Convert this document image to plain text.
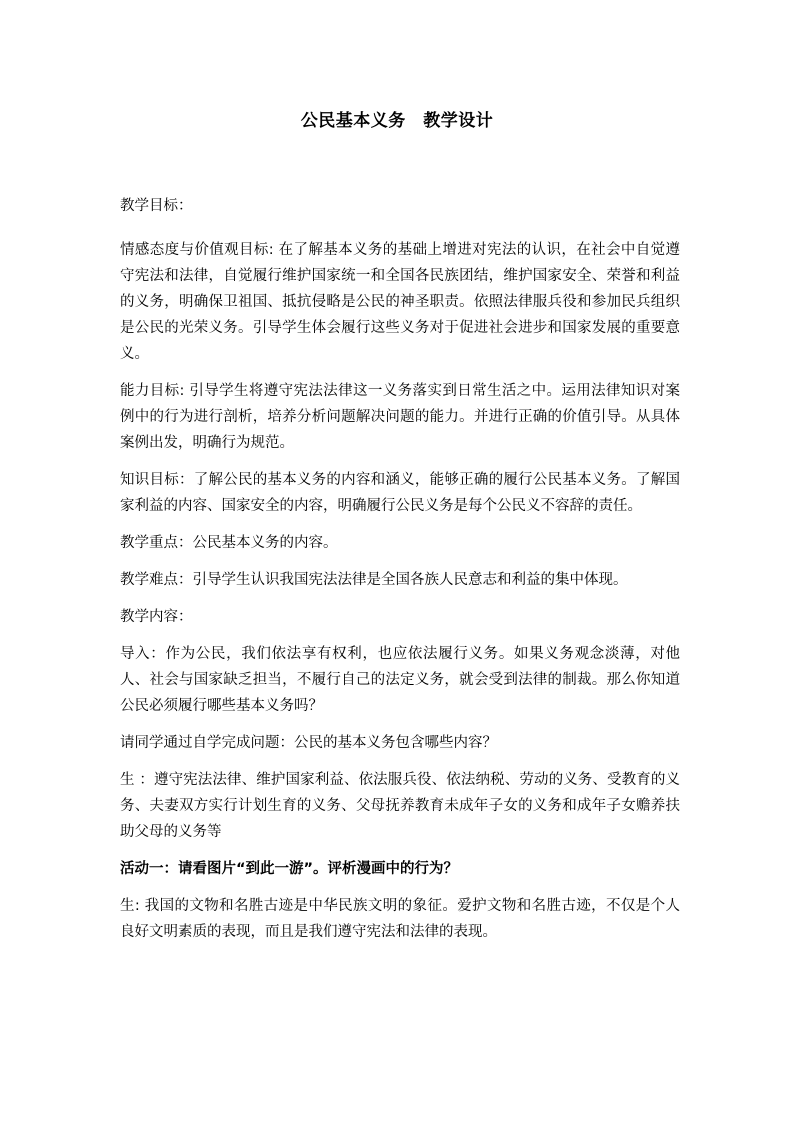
公民基本义务　教学设计

教学目标：

情感态度与价值观目标: 在了解基本义务的基础上增进对宪法的认识，在社会中自觉遵守宪法和法律，自觉履行维护国家统一和全国各民族团结，维护国家安全、荣誉和利益的义务，明确保卫祖国、抵抗侵略是公民的神圣职责。依照法律服兵役和参加民兵组织是公民的光荣义务。引导学生体会履行这些义务对于促进社会进步和国家发展的重要意义。

能力目标: 引导学生将遵守宪法法律这一义务落实到日常生活之中。运用法律知识对案例中的行为进行剖析，培养分析问题解决问题的能力。并进行正确的价值引导。从具体案例出发，明确行为规范。

知识目标：了解公民的基本义务的内容和涵义，能够正确的履行公民基本义务。了解国家利益的内容、国家安全的内容，明确履行公民义务是每个公民义不容辞的责任。

教学重点：公民基本义务的内容。

教学难点：引导学生认识我国宪法法律是全国各族人民意志和利益的集中体现。

教学内容：

导入：作为公民，我们依法享有权利，也应依法履行义务。如果义务观念淡薄，对他人、社会与国家缺乏担当，不履行自己的法定义务，就会受到法律的制裁。那么你知道公民必须履行哪些基本义务吗？

请同学通过自学完成问题：公民的基本义务包含哪些内容？

生 ：遵守宪法法律、维护国家利益、依法服兵役、依法纳税、劳动的义务、受教育的义务、夫妻双方实行计划生育的义务、父母抚养教育未成年子女的义务和成年子女赡养扶助父母的义务等

活动一：请看图片“到此一游”。评析漫画中的行为？

生: 我国的文物和名胜古迹是中华民族文明的象征。爱护文物和名胜古迹，不仅是个人良好文明素质的表现，而且是我们遵守宪法和法律的表现。
